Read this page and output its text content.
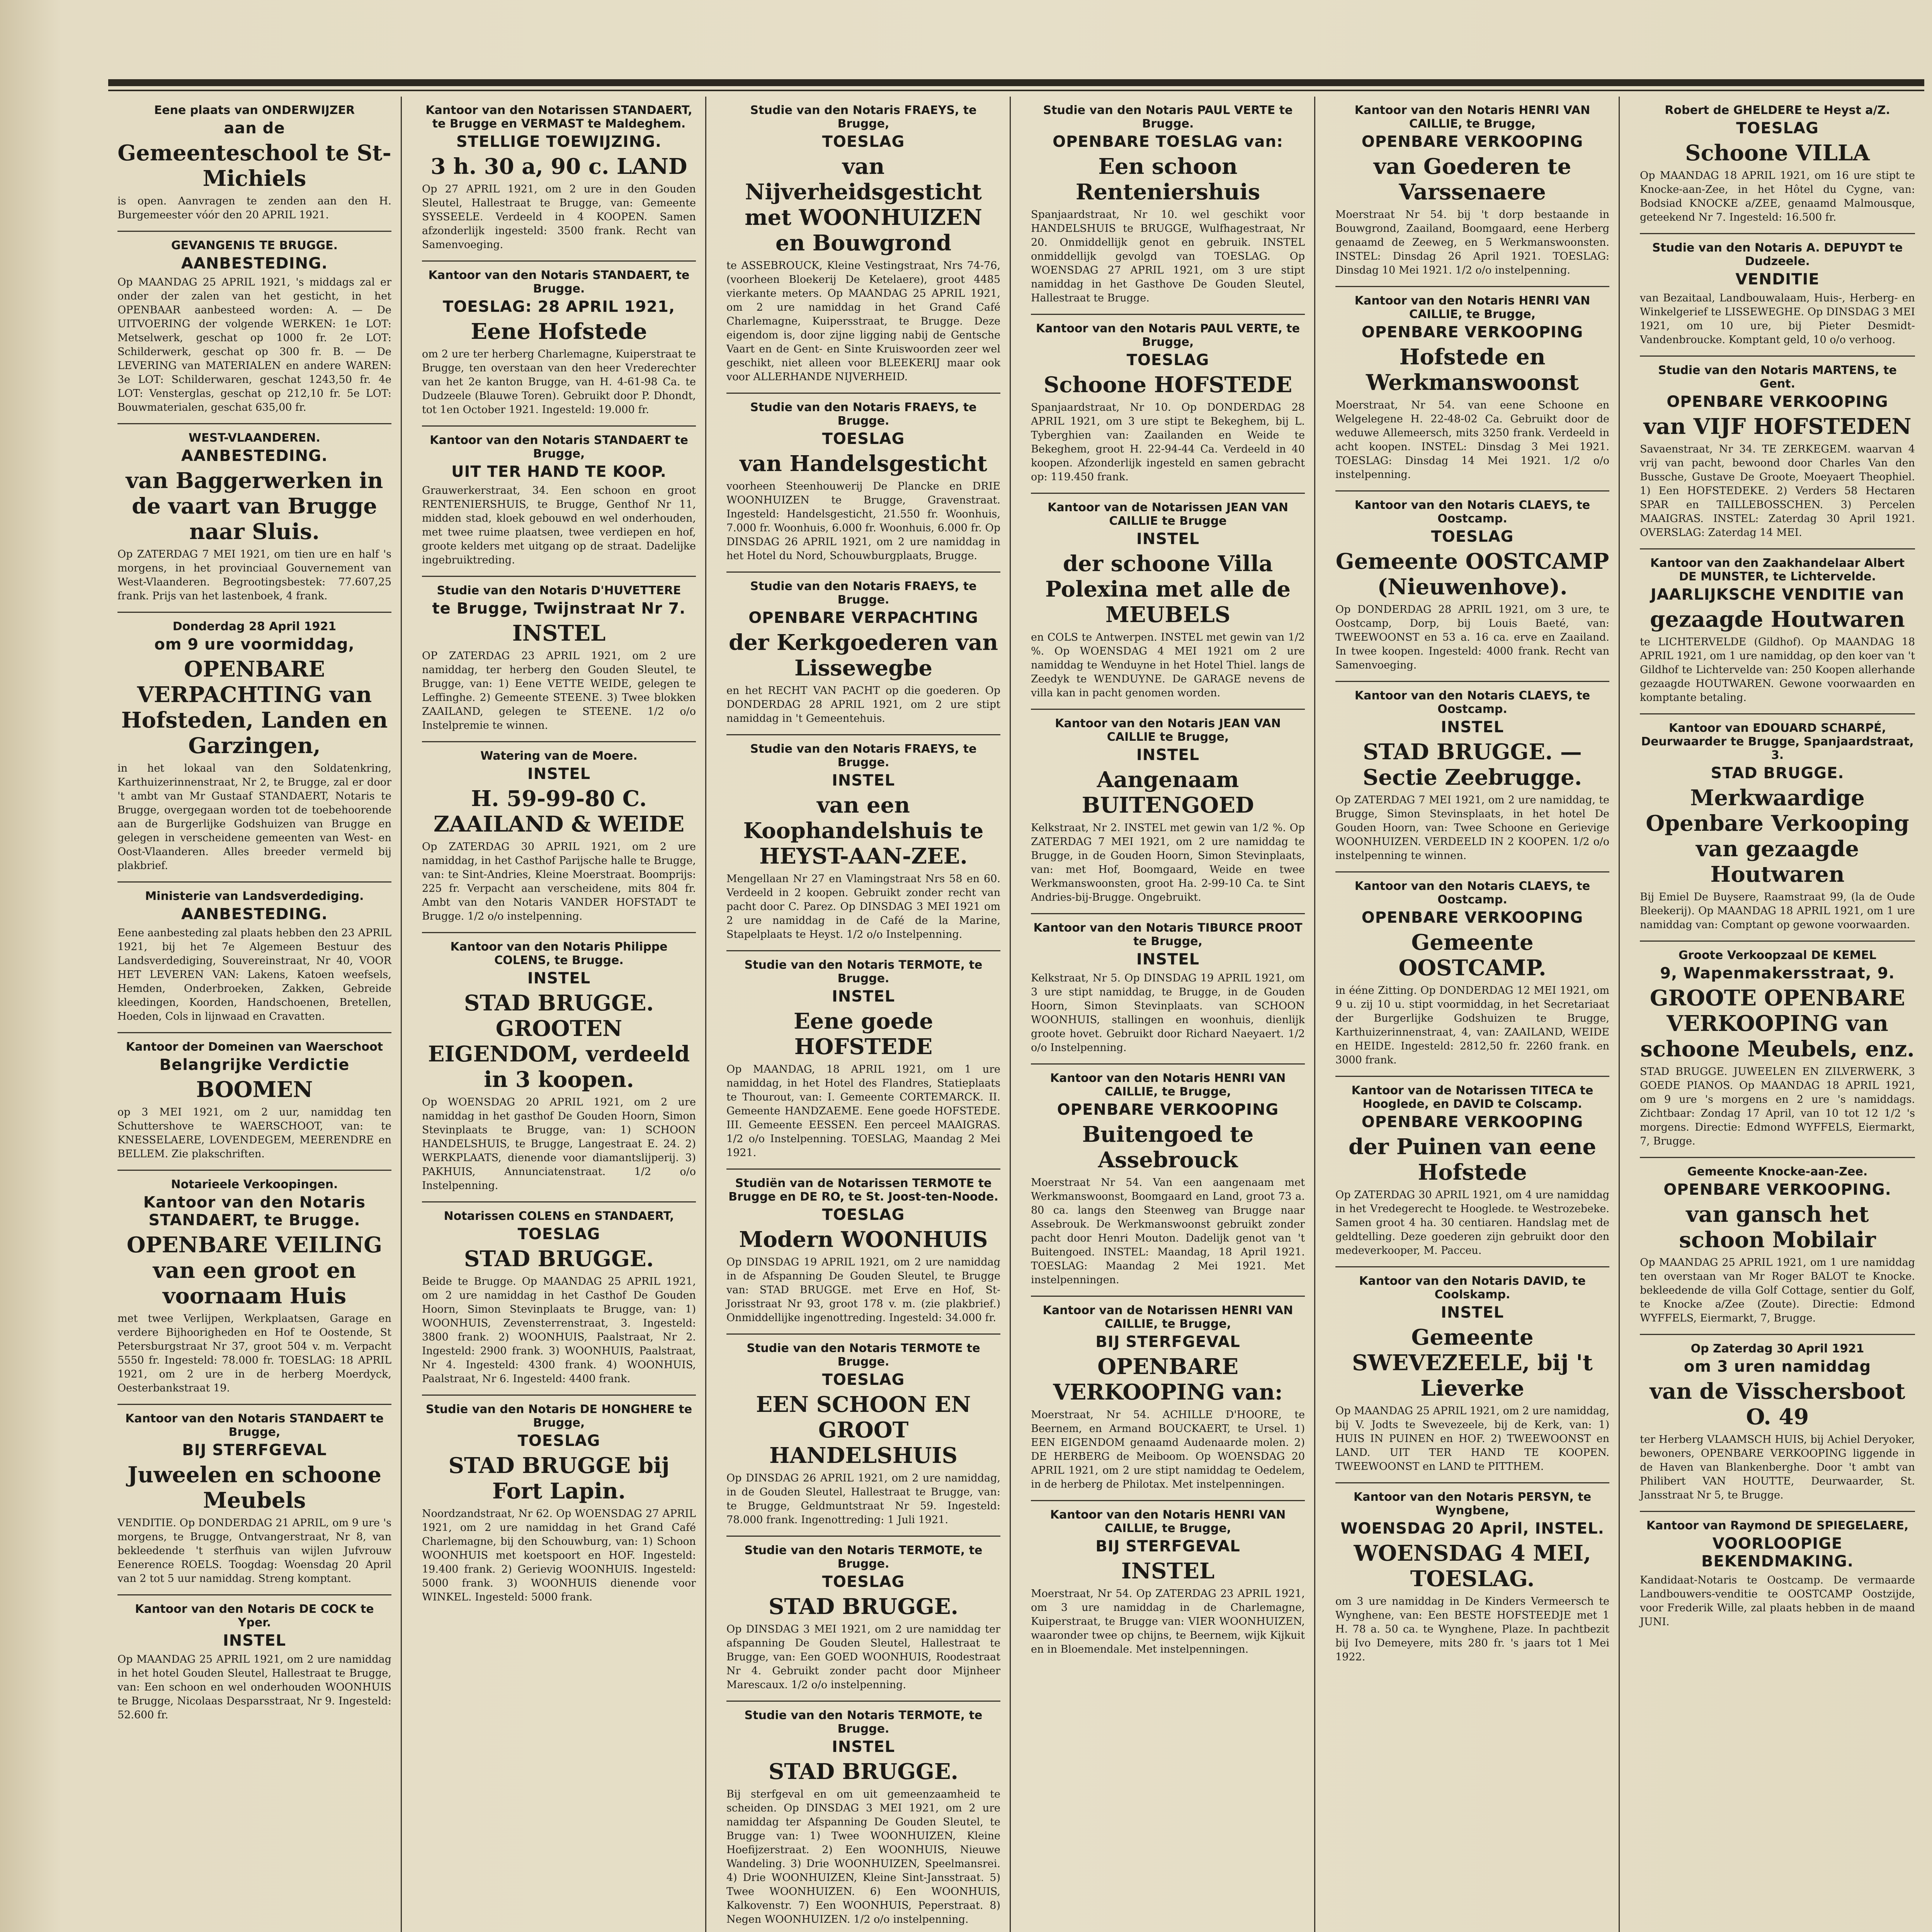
Eene plaats van ONDERWIJZER
aan de
Gemeenteschool te St-Michiels
is open. Aanvragen te zenden aan den H. Burgemeester vóór den 20 APRIL 1921.
GEVANGENIS TE BRUGGE.
AANBESTEDING.
Op MAANDAG 25 APRIL 1921, 's middags zal er onder der zalen van het gesticht, in het OPENBAAR aanbesteed worden: A. — De UITVOERING der volgende WERKEN: 1e LOT: Metselwerk, geschat op 1000 fr. 2e LOT: Schilderwerk, geschat op 300 fr. B. — De LEVERING van MATERIALEN en andere WAREN: 3e LOT: Schilderwaren, geschat 1243,50 fr. 4e LOT: Vensterglas, geschat op 212,10 fr. 5e LOT: Bouwmaterialen, geschat 635,00 fr.
WEST-VLAANDEREN.
AANBESTEDING.
van Baggerwerken in de vaart van Brugge naar Sluis.
Op ZATERDAG 7 MEI 1921, om tien ure en half 's morgens, in het provinciaal Gouvernement van West-Vlaanderen. Begrootingsbestek: 77.607,25 frank. Prijs van het lastenboek, 4 frank.
Donderdag 28 April 1921
om 9 ure voormiddag,
OPENBARE VERPACHTING van Hofsteden, Landen en Garzingen,
in het lokaal van den Soldatenkring, Karthuizerinnenstraat, Nr 2, te Brugge, zal er door 't ambt van Mr Gustaaf STANDAERT, Notaris te Brugge, overgegaan worden tot de toebehoorende aan de Burgerlijke Godshuizen van Brugge en gelegen in verscheidene gemeenten van West- en Oost-Vlaanderen. Alles breeder vermeld bij plakbrief.
Ministerie van Landsverdediging.
AANBESTEDING.
Eene aanbesteding zal plaats hebben den 23 APRIL 1921, bij het 7e Algemeen Bestuur des Landsverdediging, Souvereinstraat, Nr 40, VOOR HET LEVEREN VAN: Lakens, Katoen weefsels, Hemden, Onderbroeken, Zakken, Gebreide kleedingen, Koorden, Handschoenen, Bretellen, Hoeden, Cols in lijnwaad en Cravatten.
Kantoor der Domeinen van Waerschoot
Belangrijke Verdictie
BOOMEN
op 3 MEI 1921, om 2 uur, namiddag ten Schuttershove te WAERSCHOOT, van: te KNESSELAERE, LOVENDEGEM, MEERENDRE en BELLEM. Zie plakschriften.
Notarieele Verkoopingen.
Kantoor van den Notaris STANDAERT, te Brugge.
OPENBARE VEILING van een groot en voornaam Huis
met twee Verlijpen, Werkplaatsen, Garage en verdere Bijhoorigheden en Hof te Oostende, St Petersburgstraat Nr 37, groot 504 v. m. Verpacht 5550 fr. Ingesteld: 78.000 fr. TOESLAG: 18 APRIL 1921, om 2 ure in de herberg Moerdyck, Oesterbankstraat 19.
Kantoor van den Notaris STANDAERT te Brugge,
BIJ STERFGEVAL
Juweelen en schoone Meubels
VENDITIE. Op DONDERDAG 21 APRIL, om 9 ure 's morgens, te Brugge, Ontvangerstraat, Nr 8, van bekleedende 't sterfhuis van wijlen Jufvrouw Eenerence ROELS. Toogdag: Woensdag 20 April van 2 tot 5 uur namiddag. Streng komptant.
Kantoor van den Notaris DE COCK te Yper.
INSTEL
Op MAANDAG 25 APRIL 1921, om 2 ure namiddag in het hotel Gouden Sleutel, Hallestraat te Brugge, van: Een schoon en wel onderhouden WOONHUIS te Brugge, Nicolaas Desparsstraat, Nr 9. Ingesteld: 52.600 fr.
Kantoor van den Notarissen STANDAERT, te Brugge en VERMAST te Maldeghem.
STELLIGE TOEWIJZING.
3 h. 30 a, 90 c. LAND
Op 27 APRIL 1921, om 2 ure in den Gouden Sleutel, Hallestraat te Brugge, van: Gemeente SYSSEELE. Verdeeld in 4 KOOPEN. Samen afzonderlijk ingesteld: 3500 frank. Recht van Samenvoeging.
Kantoor van den Notaris STANDAERT, te Brugge.
TOESLAG: 28 APRIL 1921,
Eene Hofstede
om 2 ure ter herberg Charlemagne, Kuiperstraat te Brugge, ten overstaan van den heer Vrederechter van het 2e kanton Brugge, van H. 4-61-98 Ca. te Dudzeele (Blauwe Toren). Gebruikt door P. Dhondt, tot 1en October 1921. Ingesteld: 19.000 fr.
Kantoor van den Notaris STANDAERT te Brugge,
UIT TER HAND TE KOOP.
Grauwerkerstraat, 34. Een schoon en groot RENTENIERSHUIS, te Brugge, Genthof Nr 11, midden stad, kloek gebouwd en wel onderhouden, met twee ruime plaatsen, twee verdiepen en hof, groote kelders met uitgang op de straat. Dadelijke ingebruiktreding.
Studie van den Notaris D'HUVETTERE
te Brugge, Twijnstraat Nr 7.
INSTEL
OP ZATERDAG 23 APRIL 1921, om 2 ure namiddag, ter herberg den Gouden Sleutel, te Brugge, van: 1) Eene VETTE WEIDE, gelegen te Leffinghe. 2) Gemeente STEENE. 3) Twee blokken ZAAILAND, gelegen te STEENE. 1/2 o/o Instelpremie te winnen.
Watering van de Moere.
INSTEL
H. 59-99-80 C. ZAAILAND & WEIDE
Op ZATERDAG 30 APRIL 1921, om 2 ure namiddag, in het Casthof Parijsche halle te Brugge, van: te Sint-Andries, Kleine Moerstraat. Boomprijs: 225 fr. Verpacht aan verscheidene, mits 804 fr. Ambt van den Notaris VANDER HOFSTADT te Brugge. 1/2 o/o instelpenning.
Kantoor van den Notaris Philippe COLENS, te Brugge.
INSTEL
STAD BRUGGE. GROOTEN EIGENDOM, verdeeld in 3 koopen.
Op WOENSDAG 20 APRIL 1921, om 2 ure namiddag in het gasthof De Gouden Hoorn, Simon Stevinplaats te Brugge, van: 1) SCHOON HANDELSHUIS, te Brugge, Langestraat E. 24. 2) WERKPLAATS, dienende voor diamantslijperij. 3) PAKHUIS, Annunciatenstraat. 1/2 o/o Instelpenning.
Notarissen COLENS en STANDAERT,
TOESLAG
STAD BRUGGE.
Beide te Brugge. Op MAANDAG 25 APRIL 1921, om 2 ure namiddag in het Casthof De Gouden Hoorn, Simon Stevinplaats te Brugge, van: 1) WOONHUIS, Zevensterrenstraat, 3. Ingesteld: 3800 frank. 2) WOONHUIS, Paalstraat, Nr 2. Ingesteld: 2900 frank. 3) WOONHUIS, Paalstraat, Nr 4. Ingesteld: 4300 frank. 4) WOONHUIS, Paalstraat, Nr 6. Ingesteld: 4400 frank.
Studie van den Notaris DE HONGHERE te Brugge,
TOESLAG
STAD BRUGGE bij Fort Lapin.
Noordzandstraat, Nr 62. Op WOENSDAG 27 APRIL 1921, om 2 ure namiddag in het Grand Café Charlemagne, bij den Schouwburg, van: 1) Schoon WOONHUIS met koetspoort en HOF. Ingesteld: 19.400 frank. 2) Gerievig WOONHUIS. Ingesteld: 5000 frank. 3) WOONHUIS dienende voor WINKEL. Ingesteld: 5000 frank.
Studie van den Notaris FRAEYS, te Brugge,
TOESLAG
van Nijverheidsgesticht met WOONHUIZEN en Bouwgrond
te ASSEBROUCK, Kleine Vestingstraat, Nrs 74-76, (voorheen Bloekerij De Ketelaere), groot 4485 vierkante meters. Op MAANDAG 25 APRIL 1921, om 2 ure namiddag in het Grand Café Charlemagne, Kuipersstraat, te Brugge. Deze eigendom is, door zijne ligging nabij de Gentsche Vaart en de Gent- en Sinte Kruiswoorden zeer wel geschikt, niet alleen voor BLEEKERIJ maar ook voor ALLERHANDE NIJVERHEID.
Studie van den Notaris FRAEYS, te Brugge.
TOESLAG
van Handelsgesticht
voorheen Steenhouwerij De Plancke en DRIE WOONHUIZEN te Brugge, Gravenstraat. Ingesteld: Handelsgesticht, 21.550 fr. Woonhuis, 7.000 fr. Woonhuis, 6.000 fr. Woonhuis, 6.000 fr. Op DINSDAG 26 APRIL 1921, om 2 ure namiddag in het Hotel du Nord, Schouwburgplaats, Brugge.
Studie van den Notaris FRAEYS, te Brugge.
OPENBARE VERPACHTING
der Kerkgoederen van Lissewegbe
en het RECHT VAN PACHT op die goederen. Op DONDERDAG 28 APRIL 1921, om 2 ure stipt namiddag in 't Gemeentehuis.
Studie van den Notaris FRAEYS, te Brugge.
INSTEL
van een Koophandelshuis te HEYST-AAN-ZEE.
Mengellaan Nr 27 en Vlamingstraat Nrs 58 en 60. Verdeeld in 2 koopen. Gebruikt zonder recht van pacht door C. Parez. Op DINSDAG 3 MEI 1921 om 2 ure namiddag in de Café de la Marine, Stapelplaats te Heyst. 1/2 o/o Instelpenning.
Studie van den Notaris TERMOTE, te Brugge.
INSTEL
Eene goede HOFSTEDE
Op MAANDAG, 18 APRIL 1921, om 1 ure namiddag, in het Hotel des Flandres, Statieplaats te Thourout, van: I. Gemeente CORTEMARCK. II. Gemeente HANDZAEME. Eene goede HOFSTEDE. III. Gemeente EESSEN. Een perceel MAAIGRAS. 1/2 o/o Instelpenning. TOESLAG, Maandag 2 Mei 1921.
Studiën van de Notarissen TERMOTE te Brugge en DE RO, te St. Joost-ten-Noode.
TOESLAG
Modern WOONHUIS
Op DINSDAG 19 APRIL 1921, om 2 ure namiddag in de Afspanning De Gouden Sleutel, te Brugge van: STAD BRUGGE. met Erve en Hof, St-Jorisstraat Nr 93, groot 178 v. m. (zie plakbrief.) Onmiddellijke ingenottreding. Ingesteld: 34.000 fr.
Studie van den Notaris TERMOTE te Brugge.
TOESLAG
EEN SCHOON EN GROOT HANDELSHUIS
Op DINSDAG 26 APRIL 1921, om 2 ure namiddag, in de Gouden Sleutel, Hallestraat te Brugge, van: te Brugge, Geldmuntstraat Nr 59. Ingesteld: 78.000 frank. Ingenottreding: 1 Juli 1921.
Studie van den Notaris TERMOTE, te Brugge.
TOESLAG
STAD BRUGGE.
Op DINSDAG 3 MEI 1921, om 2 ure namiddag ter afspanning De Gouden Sleutel, Hallestraat te Brugge, van: Een GOED WOONHUIS, Roodestraat Nr 4. Gebruikt zonder pacht door Mijnheer Marescaux. 1/2 o/o instelpenning.
Studie van den Notaris TERMOTE, te Brugge.
INSTEL
STAD BRUGGE.
Bij sterfgeval en om uit gemeenzaamheid te scheiden. Op DINSDAG 3 MEI 1921, om 2 ure namiddag ter Afspanning De Gouden Sleutel, te Brugge van: 1) Twee WOONHUIZEN, Kleine Hoefijzerstraat. 2) Een WOONHUIS, Nieuwe Wandeling. 3) Drie WOONHUIZEN, Speelmansrei. 4) Drie WOONHUIZEN, Kleine Sint-Jansstraat. 5) Twee WOONHUIZEN. 6) Een WOONHUIS, Kalkovenstr. 7) Een WOONHUIS, Peperstraat. 8) Negen WOONHUIZEN. 1/2 o/o instelpenning.
Studie van den Notaris PAUL VERTE te Brugge.
OPENBARE TOESLAG van:
Een schoon Renteniershuis
Spanjaardstraat, Nr 10. wel geschikt voor HANDELSHUIS te BRUGGE, Wulfhagestraat, Nr 20. Onmiddellijk genot en gebruik. INSTEL onmiddellijk gevolgd van TOESLAG. Op WOENSDAG 27 APRIL 1921, om 3 ure stipt namiddag in het Gasthove De Gouden Sleutel, Hallestraat te Brugge.
Kantoor van den Notaris PAUL VERTE, te Brugge,
TOESLAG
Schoone HOFSTEDE
Spanjaardstraat, Nr 10. Op DONDERDAG 28 APRIL 1921, om 3 ure stipt te Bekeghem, bij L. Tyberghien van: Zaailanden en Weide te Bekeghem, groot H. 22-94-44 Ca. Verdeeld in 40 koopen. Afzonderlijk ingesteld en samen gebracht op: 119.450 frank.
Kantoor van de Notarissen JEAN VAN CAILLIE te Brugge
INSTEL
der schoone Villa Polexina met alle de MEUBELS
en COLS te Antwerpen. INSTEL met gewin van 1/2 %. Op WOENSDAG 4 MEI 1921 om 2 ure namiddag te Wenduyne in het Hotel Thiel. langs de Zeedyk te WENDUYNE. De GARAGE nevens de villa kan in pacht genomen worden.
Kantoor van den Notaris JEAN VAN CAILLIE te Brugge,
INSTEL
Aangenaam BUITENGOED
Kelkstraat, Nr 2. INSTEL met gewin van 1/2 %. Op ZATERDAG 7 MEI 1921, om 2 ure namiddag te Brugge, in de Gouden Hoorn, Simon Stevinplaats, van: met Hof, Boomgaard, Weide en twee Werkmanswoonsten, groot Ha. 2-99-10 Ca. te Sint Andries-bij-Brugge. Ongebruikt.
Kantoor van den Notaris TIBURCE PROOT te Brugge,
INSTEL
Kelkstraat, Nr 5. Op DINSDAG 19 APRIL 1921, om 3 ure stipt namiddag, te Brugge, in de Gouden Hoorn, Simon Stevinplaats. van SCHOON WOONHUIS, stallingen en woonhuis, dienlijk groote hovet. Gebruikt door Richard Naeyaert. 1/2 o/o Instelpenning.
Kantoor van den Notaris HENRI VAN CAILLIE, te Brugge,
OPENBARE VERKOOPING
Buitengoed te Assebrouck
Moerstraat Nr 54. Van een aangenaam met Werkmanswoonst, Boomgaard en Land, groot 73 a. 80 ca. langs den Steenweg van Brugge naar Assebrouk. De Werkmanswoonst gebruikt zonder pacht door Henri Mouton. Dadelijk genot van 't Buitengoed. INSTEL: Maandag, 18 April 1921. TOESLAG: Maandag 2 Mei 1921. Met instelpenningen.
Kantoor van de Notarissen HENRI VAN CAILLIE, te Brugge,
BIJ STERFGEVAL
OPENBARE VERKOOPING van:
Moerstraat, Nr 54. ACHILLE D'HOORE, te Beernem, en Armand BOUCKAERT, te Ursel. 1) EEN EIGENDOM genaamd Audenaarde molen. 2) DE HERBERG de Meiboom. Op WOENSDAG 20 APRIL 1921, om 2 ure stipt namiddag te Oedelem, in de herberg de Philotax. Met instelpenningen.
Kantoor van den Notaris HENRI VAN CAILLIE, te Brugge,
BIJ STERFGEVAL
INSTEL
Moerstraat, Nr 54. Op ZATERDAG 23 APRIL 1921, om 3 ure namiddag in de Charlemagne, Kuiperstraat, te Brugge van: VIER WOONHUIZEN, waaronder twee op chijns, te Beernem, wijk Kijkuit en in Bloemendale. Met instelpenningen.
Kantoor van den Notaris HENRI VAN CAILLIE, te Brugge,
OPENBARE VERKOOPING
van Goederen te Varssenaere
Moerstraat Nr 54. bij 't dorp bestaande in Bouwgrond, Zaailand, Boomgaard, eene Herberg genaamd de Zeeweg, en 5 Werkmanswoonsten. INSTEL: Dinsdag 26 April 1921. TOESLAG: Dinsdag 10 Mei 1921. 1/2 o/o instelpenning.
Kantoor van den Notaris HENRI VAN CAILLIE, te Brugge,
OPENBARE VERKOOPING
Hofstede en Werkmanswoonst
Moerstraat, Nr 54. van eene Schoone en Welgelegene H. 22-48-02 Ca. Gebruikt door de weduwe Allemeersch, mits 3250 frank. Verdeeld in acht koopen. INSTEL: Dinsdag 3 Mei 1921. TOESLAG: Dinsdag 14 Mei 1921. 1/2 o/o instelpenning.
Kantoor van den Notaris CLAEYS, te Oostcamp.
TOESLAG
Gemeente OOSTCAMP (Nieuwenhove).
Op DONDERDAG 28 APRIL 1921, om 3 ure, te Oostcamp, Dorp, bij Louis Baeté, van: TWEEWOONST en 53 a. 16 ca. erve en Zaailand. In twee koopen. Ingesteld: 4000 frank. Recht van Samenvoeging.
Kantoor van den Notaris CLAEYS, te Oostcamp.
INSTEL
STAD BRUGGE. — Sectie Zeebrugge.
Op ZATERDAG 7 MEI 1921, om 2 ure namiddag, te Brugge, Simon Stevinsplaats, in het hotel De Gouden Hoorn, van: Twee Schoone en Gerievige WOONHUIZEN. VERDEELD IN 2 KOOPEN. 1/2 o/o instelpenning te winnen.
Kantoor van den Notaris CLAEYS, te Oostcamp.
OPENBARE VERKOOPING
Gemeente OOSTCAMP.
in ééne Zitting. Op DONDERDAG 12 MEI 1921, om 9 u. zij 10 u. stipt voormiddag, in het Secretariaat der Burgerlijke Godshuizen te Brugge, Karthuizerinnenstraat, 4, van: ZAAILAND, WEIDE en HEIDE. Ingesteld: 2812,50 fr. 2260 frank. en 3000 frank.
Kantoor van de Notarissen TITECA te Hooglede, en DAVID te Colscamp.
OPENBARE VERKOOPING
der Puinen van eene Hofstede
Op ZATERDAG 30 APRIL 1921, om 4 ure namiddag in het Vredegerecht te Hooglede. te Westrozebeke. Samen groot 4 ha. 30 centiaren. Handslag met de geldtelling. Deze goederen zijn gebruikt door den medeverkooper, M. Pacceu.
Kantoor van den Notaris DAVID, te Coolskamp.
INSTEL
Gemeente SWEVEZEELE, bij 't Lieverke
Op MAANDAG 25 APRIL 1921, om 2 ure namiddag, bij V. Jodts te Swevezeele, bij de Kerk, van: 1) HUIS IN PUINEN en HOF. 2) TWEEWOONST en LAND. UIT TER HAND TE KOOPEN. TWEEWOONST en LAND te PITTHEM.
Kantoor van den Notaris PERSYN, te Wyngbene,
WOENSDAG 20 April, INSTEL.
WOENSDAG 4 MEI, TOESLAG.
om 3 ure namiddag in De Kinders Vermeersch te Wynghene, van: Een BESTE HOFSTEEDJE met 1 H. 78 a. 50 ca. te Wynghene, Plaze. In pachtbezit bij Ivo Demeyere, mits 280 fr. 's jaars tot 1 Mei 1922.
Robert de GHELDERE te Heyst a/Z.
TOESLAG
Schoone VILLA
Op MAANDAG 18 APRIL 1921, om 16 ure stipt te Knocke-aan-Zee, in het Hôtel du Cygne, van: Bodsiad KNOCKE a/ZEE, genaamd Malmousque, geteekend Nr 7. Ingesteld: 16.500 fr.
Studie van den Notaris A. DEPUYDT te Dudzeele.
VENDITIE
van Bezaitaal, Landbouwalaam, Huis-, Herberg- en Winkelgerief te LISSEWEGHE. Op DINSDAG 3 MEI 1921, om 10 ure, bij Pieter Desmidt-Vandenbroucke. Komptant geld, 10 o/o verhoog.
Studie van den Notaris MARTENS, te Gent.
OPENBARE VERKOOPING
van VIJF HOFSTEDEN
Savaenstraat, Nr 34. TE ZERKEGEM. waarvan 4 vrij van pacht, bewoond door Charles Van den Bussche, Gustave De Groote, Moeyaert Theophiel. 1) Een HOFSTEDEKE. 2) Verders 58 Hectaren SPAR en TAILLEBOSSCHEN. 3) Percelen MAAIGRAS. INSTEL: Zaterdag 30 April 1921. OVERSLAG: Zaterdag 14 MEI.
Kantoor van den Zaakhandelaar Albert DE MUNSTER, te Lichtervelde.
JAARLIJKSCHE VENDITIE van
gezaagde Houtwaren
te LICHTERVELDE (Gildhof). Op MAANDAG 18 APRIL 1921, om 1 ure namiddag, op den koer van 't Gildhof te Lichtervelde van: 250 Koopen allerhande gezaagde HOUTWAREN. Gewone voorwaarden en komptante betaling.
Kantoor van EDOUARD SCHARPÉ, Deurwaarder te Brugge, Spanjaardstraat, 3.
STAD BRUGGE.
Merkwaardige Openbare Verkooping van gezaagde Houtwaren
Bij Emiel De Buysere, Raamstraat 99, (la de Oude Bleekerij). Op MAANDAG 18 APRIL 1921, om 1 ure namiddag van: Comptant op gewone voorwaarden.
Groote Verkoopzaal DE KEMEL
9, Wapenmakersstraat, 9.
GROOTE OPENBARE VERKOOPING van schoone Meubels, enz.
STAD BRUGGE. JUWEELEN EN ZILVERWERK, 3 GOEDE PIANOS. Op MAANDAG 18 APRIL 1921, om 9 ure 's morgens en 2 ure 's namiddags. Zichtbaar: Zondag 17 April, van 10 tot 12 1/2 's morgens. Directie: Edmond WYFFELS, Eiermarkt, 7, Brugge.
Gemeente Knocke-aan-Zee.
OPENBARE VERKOOPING.
van gansch het schoon Mobilair
Op MAANDAG 25 APRIL 1921, om 1 ure namiddag ten overstaan van Mr Roger BALOT te Knocke. bekleedende de villa Golf Cottage, sentier du Golf, te Knocke a/Zee (Zoute). Directie: Edmond WYFFELS, Eiermarkt, 7, Brugge.
Op Zaterdag 30 April 1921
om 3 uren namiddag
van de Visschersboot O. 49
ter Herberg VLAAMSCH HUIS, bij Achiel Deryoker, bewoners, OPENBARE VERKOOPING liggende in de Haven van Blankenberghe. Door 't ambt van Philibert VAN HOUTTE, Deurwaarder, St. Jansstraat Nr 5, te Brugge.
Kantoor van Raymond DE SPIEGELAERE,
VOORLOOPIGE BEKENDMAKING.
Kandidaat-Notaris te Oostcamp. De vermaarde Landbouwers-venditie te OOSTCAMP Oostzijde, voor Frederik Wille, zal plaats hebben in de maand JUNI.
